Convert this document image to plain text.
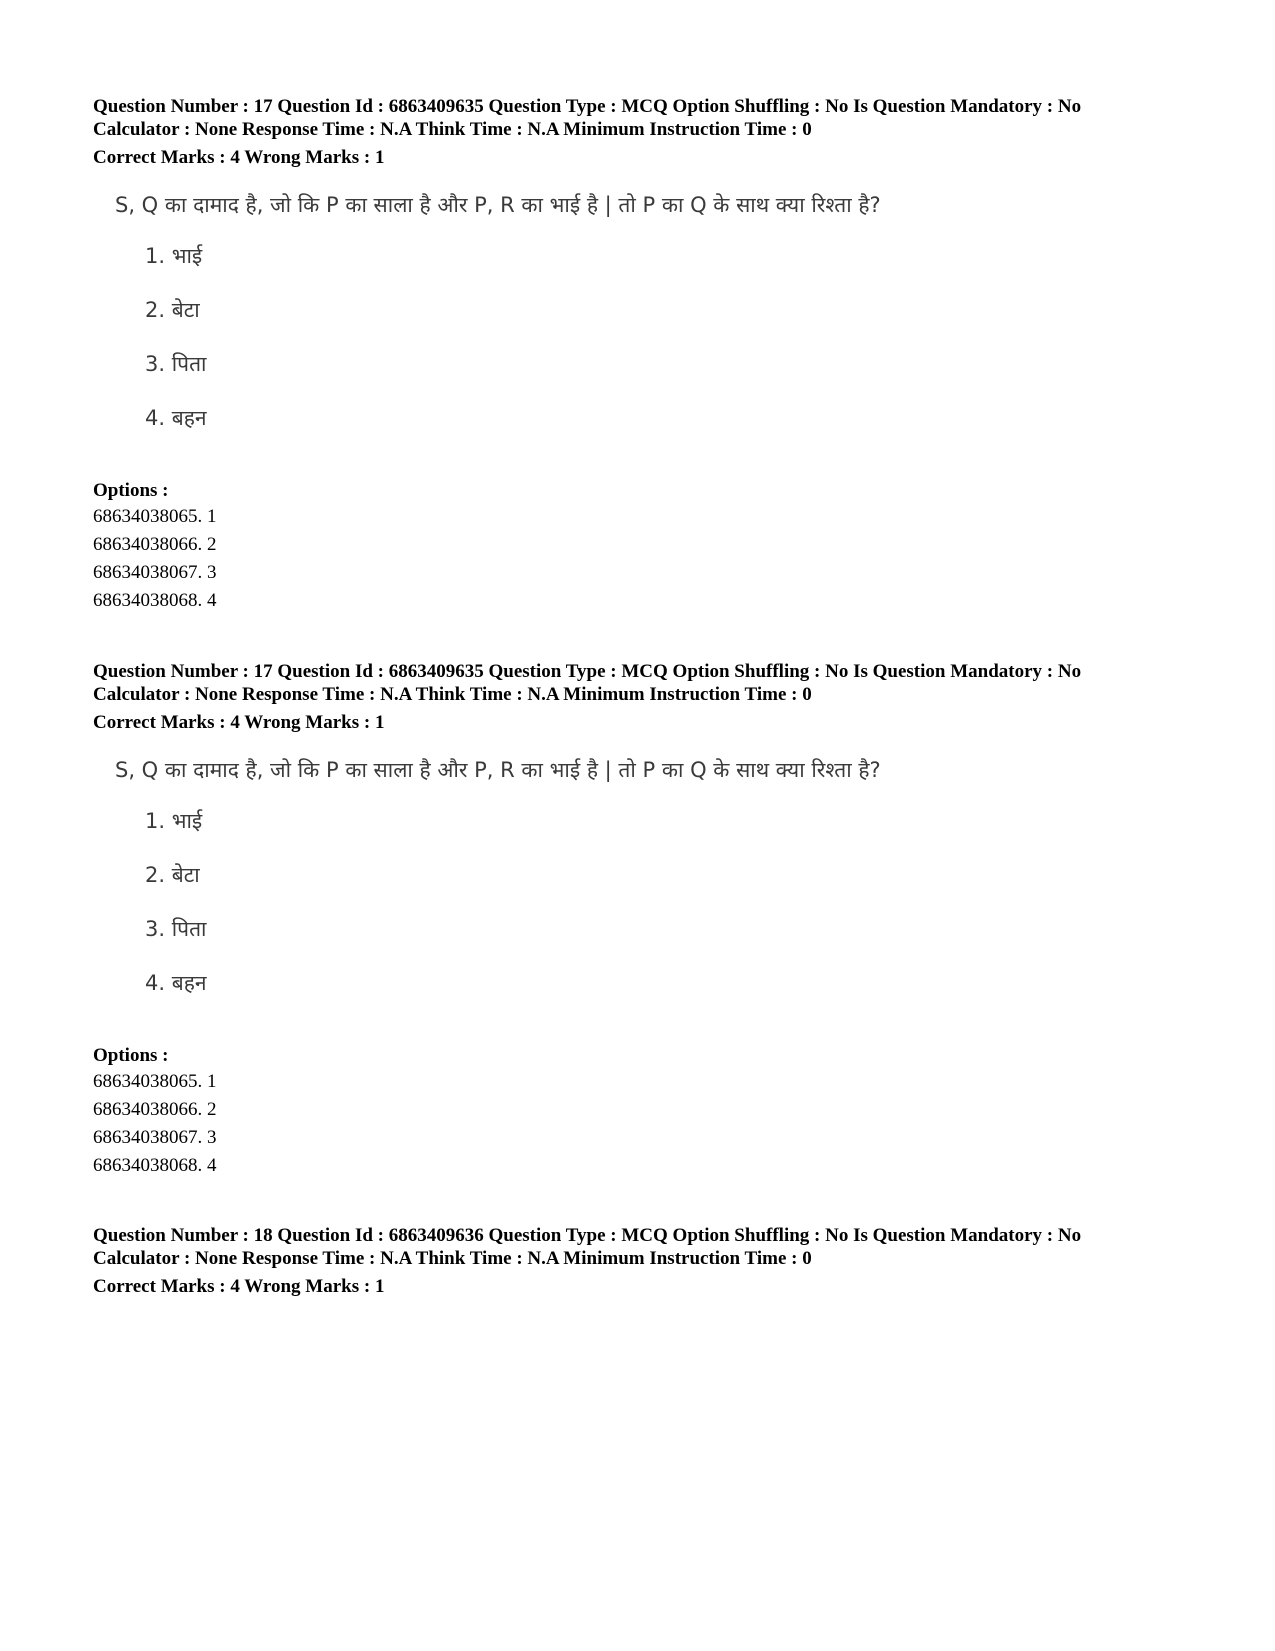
Question Number : 17 Question Id : 6863409635 Question Type : MCQ Option Shuffling : No Is Question Mandatory : No
Calculator : None Response Time : N.A Think Time : N.A Minimum Instruction Time : 0
Correct Marks : 4 Wrong Marks : 1
S, Q का दामाद है, जो कि P का साला है और P, R का भाई है | तो P का Q के साथ क्या रिश्ता है?
1. भाई
2. बेटा
3. पिता
4. बहन
Options :
68634038065. 1
68634038066. 2
68634038067. 3
68634038068. 4
Question Number : 17 Question Id : 6863409635 Question Type : MCQ Option Shuffling : No Is Question Mandatory : No
Calculator : None Response Time : N.A Think Time : N.A Minimum Instruction Time : 0
Correct Marks : 4 Wrong Marks : 1
S, Q का दामाद है, जो कि P का साला है और P, R का भाई है | तो P का Q के साथ क्या रिश्ता है?
1. भाई
2. बेटा
3. पिता
4. बहन
Options :
68634038065. 1
68634038066. 2
68634038067. 3
68634038068. 4
Question Number : 18 Question Id : 6863409636 Question Type : MCQ Option Shuffling : No Is Question Mandatory : No
Calculator : None Response Time : N.A Think Time : N.A Minimum Instruction Time : 0
Correct Marks : 4 Wrong Marks : 1
